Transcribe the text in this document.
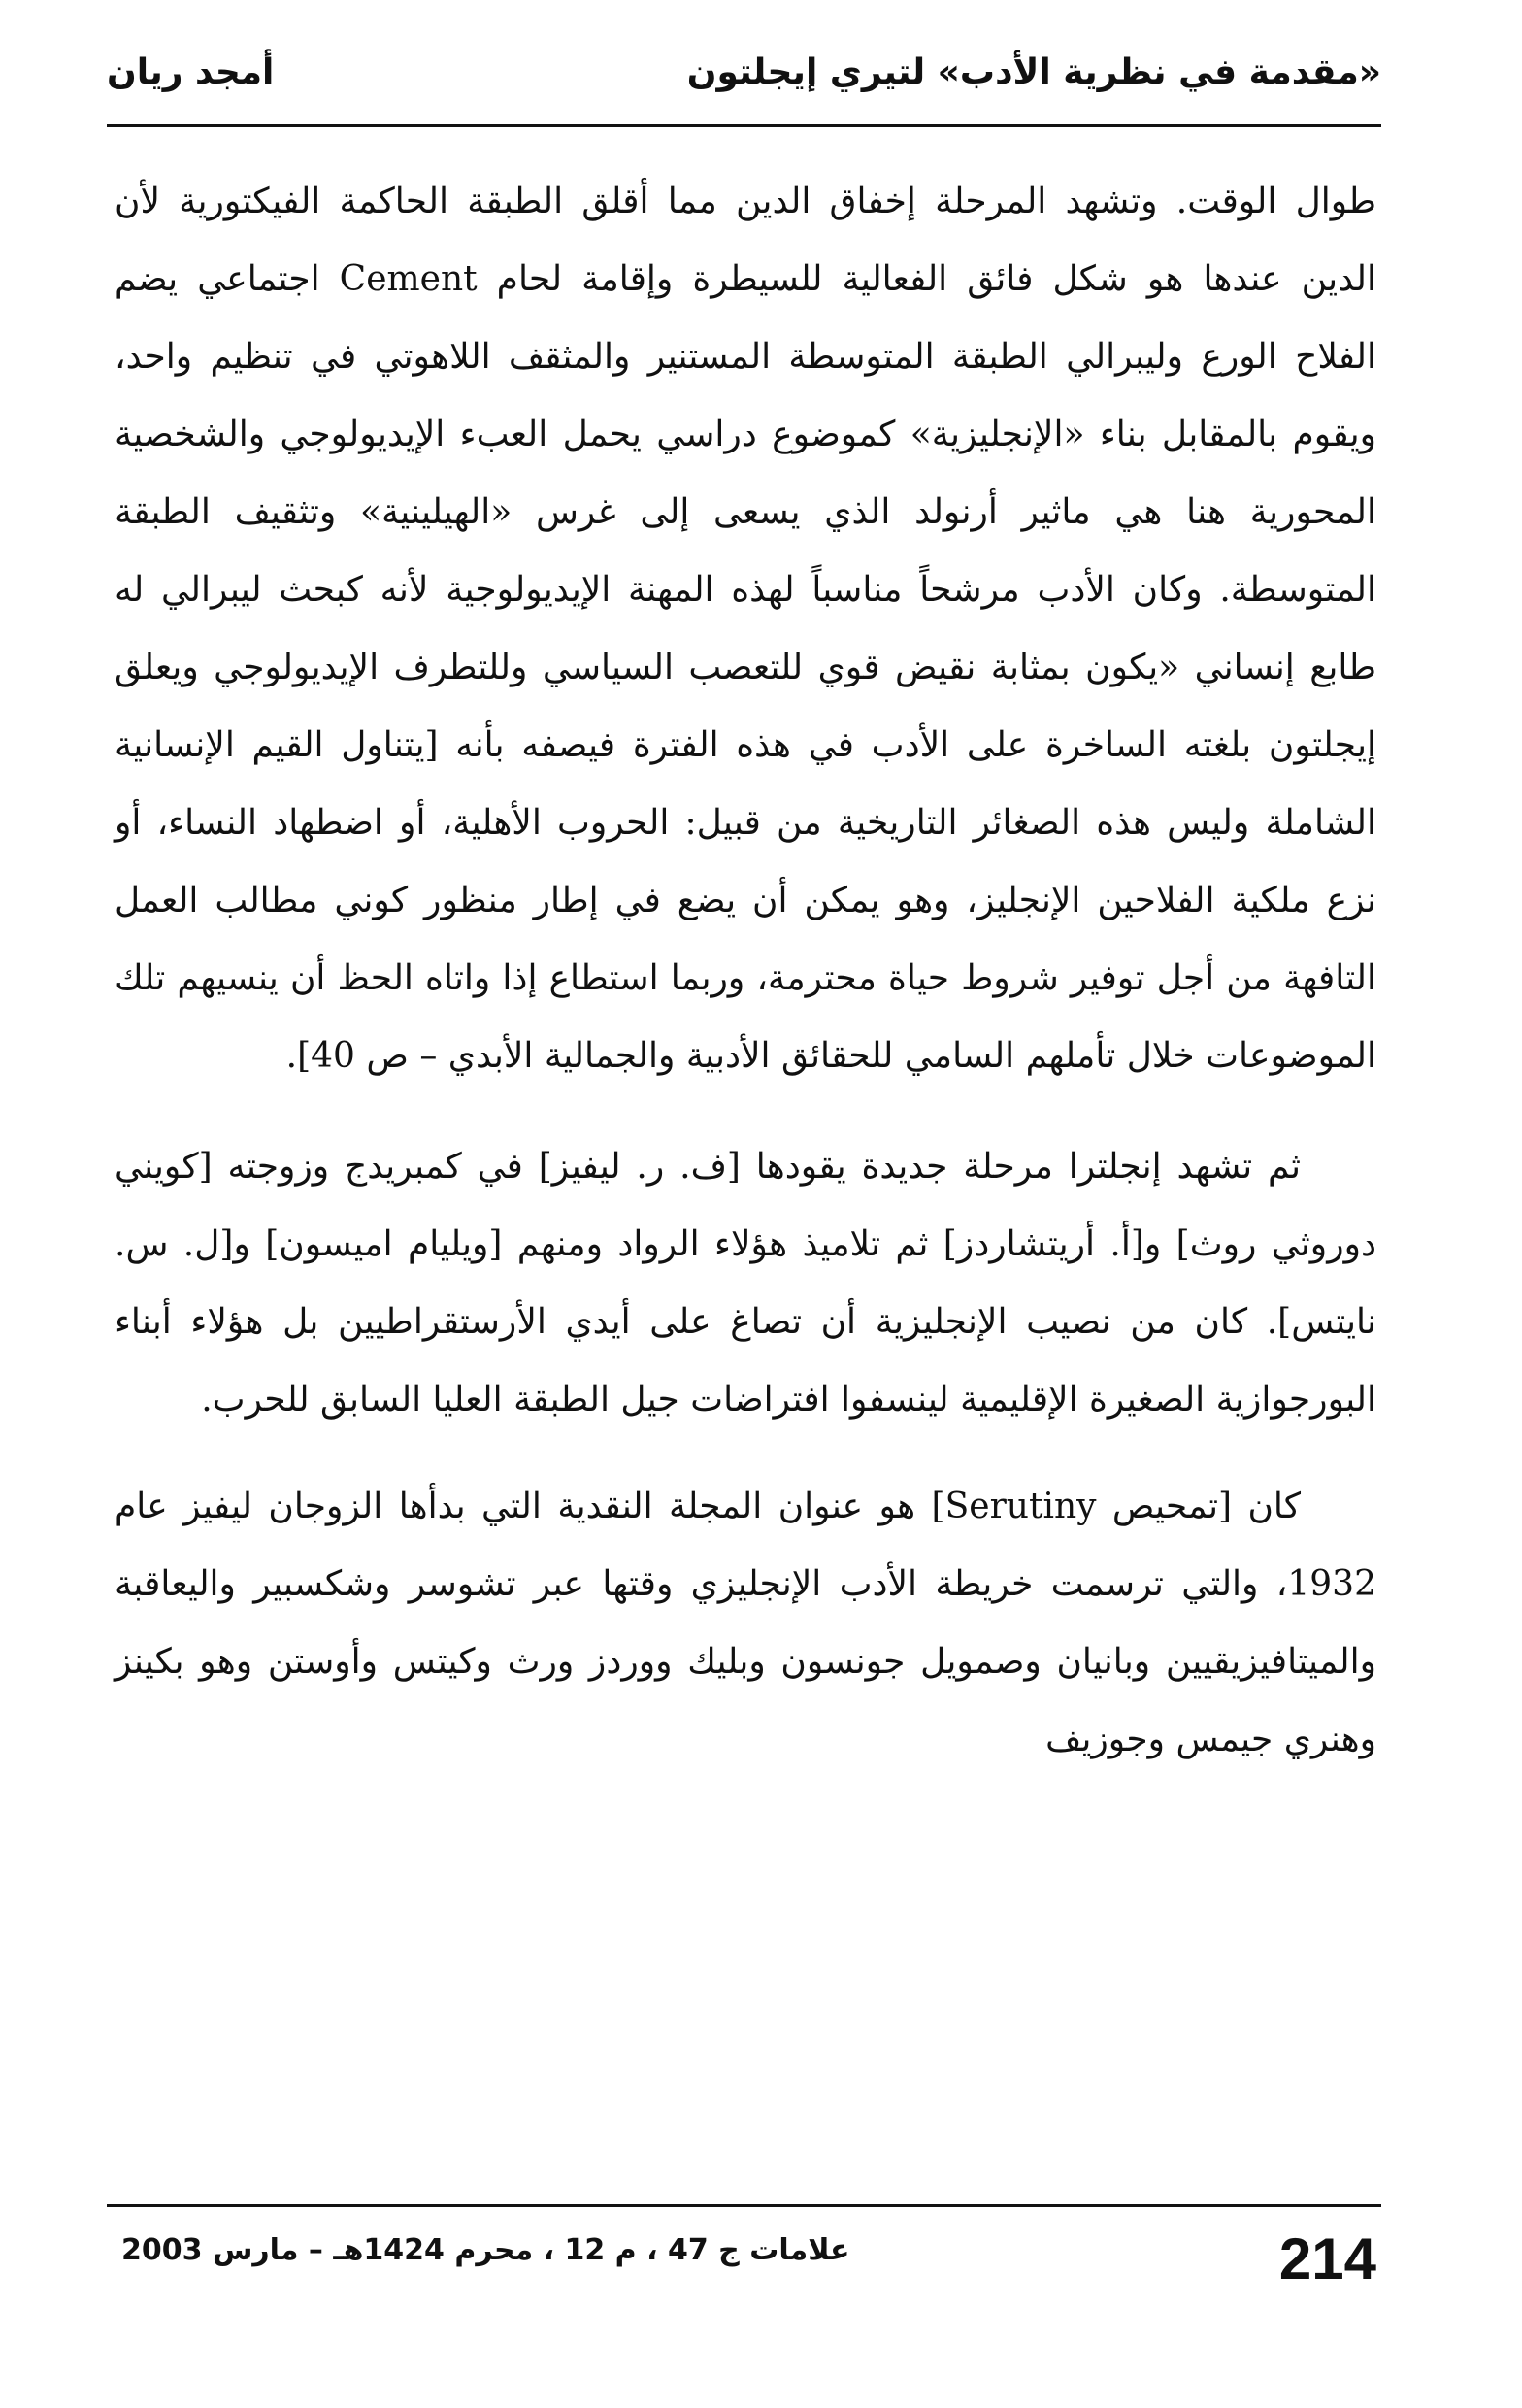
«مقدمة في نظرية الأدب» لتيري إيجلتون
أمجد ريان

طوال الوقت. وتشهد المرحلة إخفاق الدين مما أقلق الطبقة الحاكمة الفيكتورية لأن الدين عندها هو شكل فائق الفعالية للسيطرة وإقامة لحام Cement اجتماعي يضم الفلاح الورع وليبرالي الطبقة المتوسطة المستنير والمثقف اللاهوتي في تنظيم واحد، ويقوم بالمقابل بناء «الإنجليزية» كموضوع دراسي يحمل العبء الإيديولوجي والشخصية المحورية هنا هي ماثير أرنولد الذي يسعى إلى غرس «الهيلينية» وتثقيف الطبقة المتوسطة. وكان الأدب مرشحاً مناسباً لهذه المهنة الإيديولوجية لأنه كبحث ليبرالي له طابع إنساني «يكون بمثابة نقيض قوي للتعصب السياسي وللتطرف الإيديولوجي ويعلق إيجلتون بلغته الساخرة على الأدب في هذه الفترة فيصفه بأنه [يتناول القيم الإنسانية الشاملة وليس هذه الصغائر التاريخية من قبيل: الحروب الأهلية، أو اضطهاد النساء، أو نزع ملكية الفلاحين الإنجليز، وهو يمكن أن يضع في إطار منظور كوني مطالب العمل التافهة من أجل توفير شروط حياة محترمة، وربما استطاع إذا واتاه الحظ أن ينسيهم تلك الموضوعات خلال تأملهم السامي للحقائق الأدبية والجمالية الأبدي – ص 40].

ثم تشهد إنجلترا مرحلة جديدة يقودها [ف. ر. ليفيز] في كمبريدج وزوجته [كويني دوروثي روث] و[أ. أريتشاردز] ثم تلاميذ هؤلاء الرواد ومنهم [ويليام اميسون] و[ل. س. نايتس]. كان من نصيب الإنجليزية أن تصاغ على أيدي الأرستقراطيين بل هؤلاء أبناء البورجوازية الصغيرة الإقليمية لينسفوا افتراضات جيل الطبقة العليا السابق للحرب.

كان [تمحيص Serutiny] هو عنوان المجلة النقدية التي بدأها الزوجان ليفيز عام 1932، والتي ترسمت خريطة الأدب الإنجليزي وقتها عبر تشوسر وشكسبير واليعاقبة والميتافيزيقيين وبانيان وصمويل جونسون وبليك ووردز ورث وكيتس وأوستن وهو بكينز وهنري جيمس وجوزيف

علامات ج 47 ، م 12 ، محرم 1424هـ – مارس 2003	214
